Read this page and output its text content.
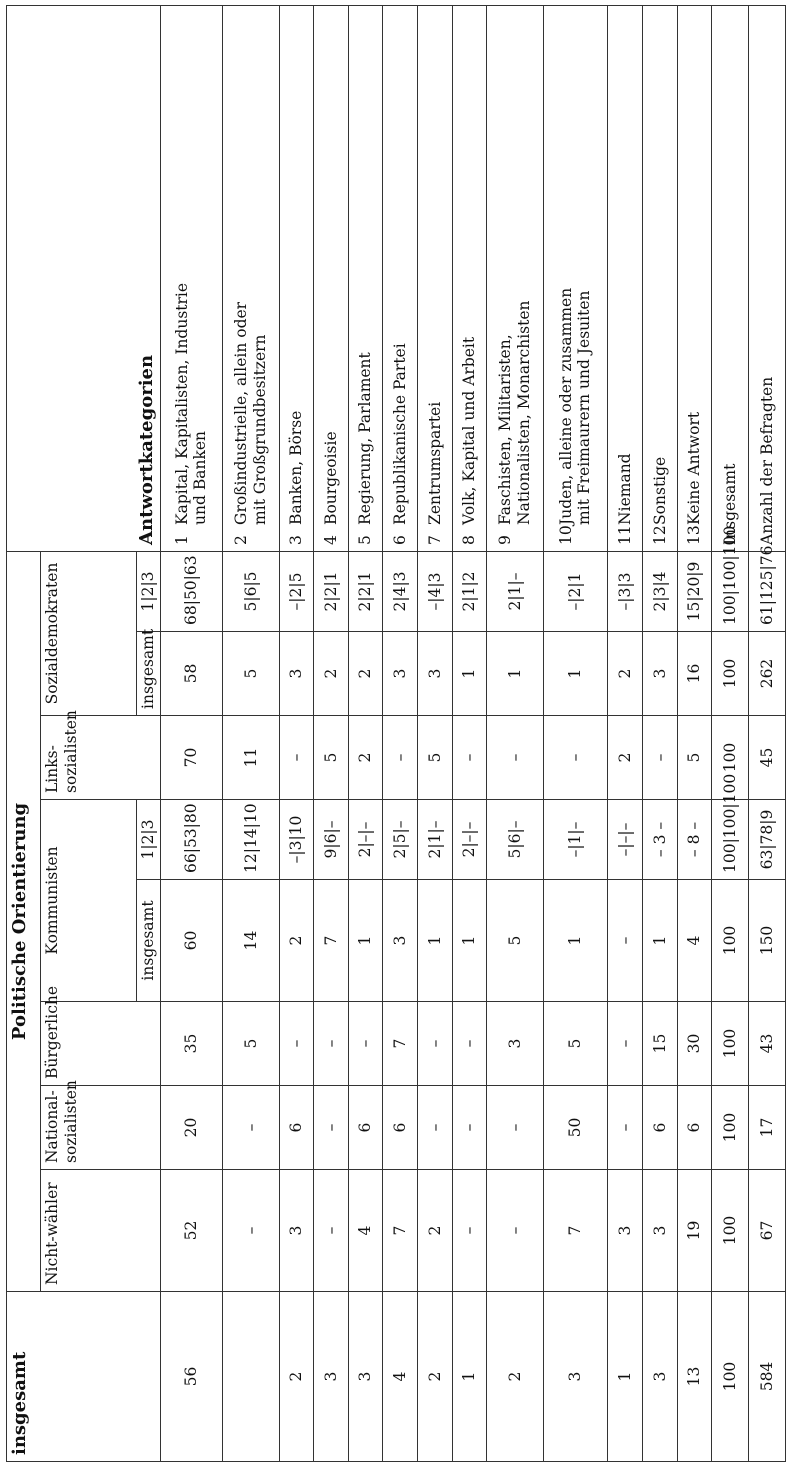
insgesamt	Politische Orientierung								Antwortkategorien
	Nicht-wähler	National-sozialisten	Bürgerliche	Kommunisten		Links-sozialisten	Sozialdemokraten		
				insgesamt	1|2|3		insgesamt	1|2|3	
56	52	20	35	60	66|53|80	70	58	68|50|63	1Kapital, Kapitalisten, Industrie und Banken
	–	–	5	14	12|14|10	11	5	5|6|5	2Großindustrielle, allein oder mit Großgrundbesitzern
2	3	6	–	2	–|3|10	–	3	–|2|5	3Banken, Börse
3	–	–	–	7	9|6|–	5	2	2|2|1	4Bourgeoisie
3	4	6	–	1	2|–|–	2	2	2|2|1	5Regierung, Parlament
4	7	6	7	3	2|5|–	–	3	2|4|3	6Republikanische Partei
2	2	–	–	1	2|1|–	5	3	–|4|3	7Zentrumspartei
1	–	–	–	1	2|–|–	–	1	2|1|2	8Volk, Kapital und Arbeit
2	–	–	3	5	5|6|–	–	1	2|1|–	9Faschisten, Militaristen, Nationalisten, Monarchisten
3	7	50	5	1	–|1|–	–	1	–|2|1	10Juden, alleine oder zusammen mit Freimaurern und Jesuiten
1	3	–	–	–	–|–|–	2	2	–|3|3	11Niemand
3	3	6	15	1	– 3 –	–	3	2|3|4	12Sonstige
13	19	6	30	4	– 8 –	5	16	15|20|9	13Keine Antwort
100	100	100	100	100	100|100|100	100	100	100|100|100	Insgesamt
584	67	17	43	150	63|78|9	45	262	61|125|76	Anzahl der Befragten
